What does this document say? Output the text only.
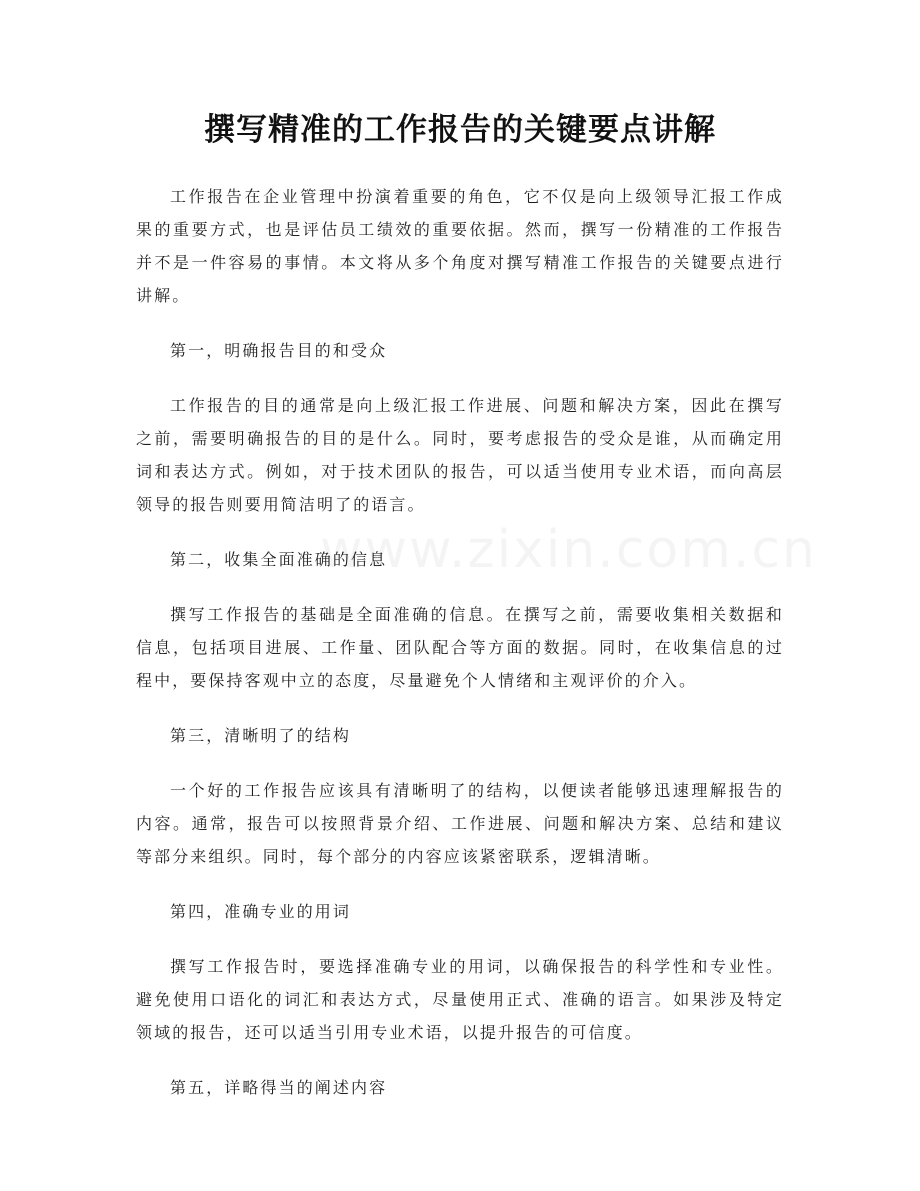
撰写精准的工作报告的关键要点讲解

工作报告在企业管理中扮演着重要的角色，它不仅是向上级领导汇报工作成果的重要方式，也是评估员工绩效的重要依据。然而，撰写一份精准的工作报告并不是一件容易的事情。本文将从多个角度对撰写精准工作报告的关键要点进行讲解。

第一，明确报告目的和受众

工作报告的目的通常是向上级汇报工作进展、问题和解决方案，因此在撰写之前，需要明确报告的目的是什么。同时，要考虑报告的受众是谁，从而确定用词和表达方式。例如，对于技术团队的报告，可以适当使用专业术语，而向高层领导的报告则要用简洁明了的语言。

第二，收集全面准确的信息

撰写工作报告的基础是全面准确的信息。在撰写之前，需要收集相关数据和信息，包括项目进展、工作量、团队配合等方面的数据。同时，在收集信息的过程中，要保持客观中立的态度，尽量避免个人情绪和主观评价的介入。

第三，清晰明了的结构

一个好的工作报告应该具有清晰明了的结构，以便读者能够迅速理解报告的内容。通常，报告可以按照背景介绍、工作进展、问题和解决方案、总结和建议等部分来组织。同时，每个部分的内容应该紧密联系，逻辑清晰。

第四，准确专业的用词

撰写工作报告时，要选择准确专业的用词，以确保报告的科学性和专业性。避免使用口语化的词汇和表达方式，尽量使用正式、准确的语言。如果涉及特定领域的报告，还可以适当引用专业术语，以提升报告的可信度。

第五，详略得当的阐述内容
